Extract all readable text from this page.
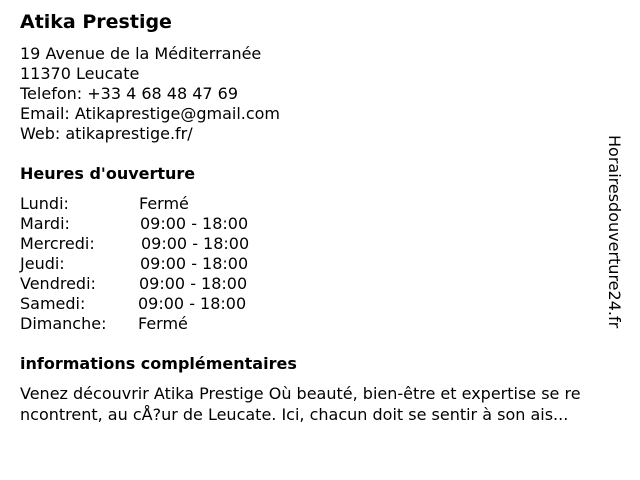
Atika Prestige
19 Avenue de la Méditerranée
11370 Leucate
Telefon: +33 4 68 48 47 69
Email: Atikaprestige@gmail.com
Web: atikaprestige.fr/
Heures d'ouverture
Lundi:	Fermé
Mardi:	09:00 - 18:00
Mercredi:	09:00 - 18:00
Jeudi:	09:00 - 18:00
Vendredi:	09:00 - 18:00
Samedi:	09:00 - 18:00
Dimanche: Fermé
informations complémentaires
Venez découvrir Atika Prestige Où beauté, bien-être et expertise se re
ncontrent, au cÅ?ur de Leucate. Ici, chacun doit se sentir à son ais...
Horairesdouverture24.fr
